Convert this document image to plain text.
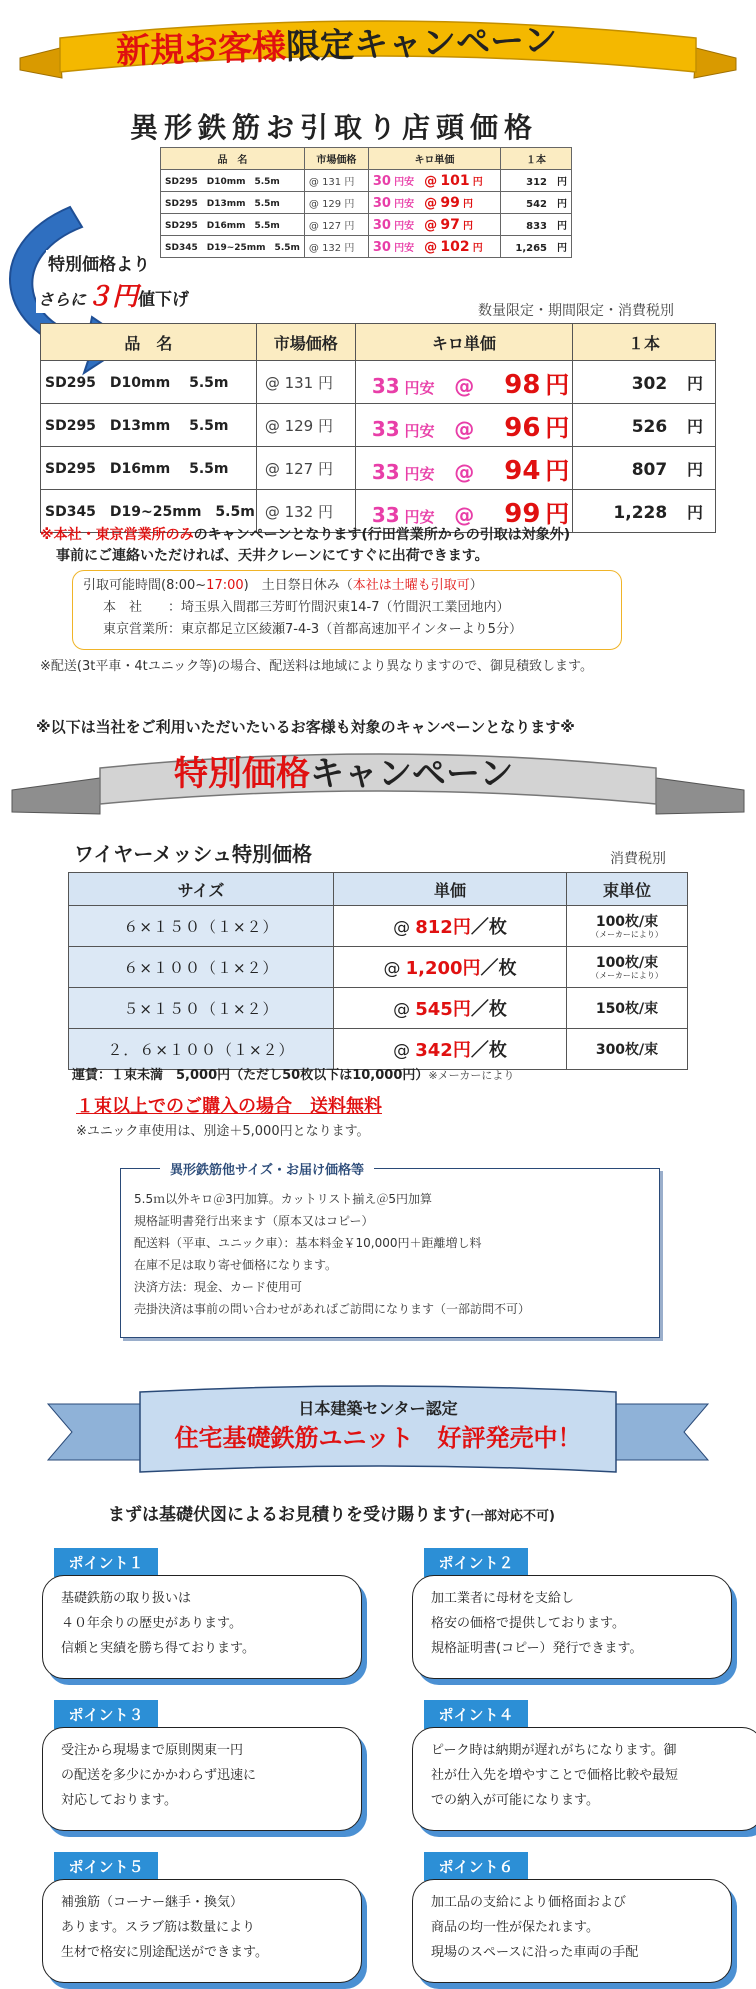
新規お客様限定キャンペーン
異形鉄筋お引取り店頭価格
品　名	市場価格	キロ単価	１本
SD295　D10mm　5.5m	@ 131 円	30 円安　 @ 101 円	312　 円
SD295　D13mm　5.5m	@ 129 円	30 円安　 @ 99 円	542　 円
SD295　D16mm　5.5m	@ 127 円	30 円安　 @ 97 円	833　 円
SD345　D19~25mm　5.5m	@ 132 円	30 円安　 @ 102 円	1,265　 円
特別価格より
さらに３円値下げ
数量限定・期間限定・消費税別
品　名	市場価格	キロ単価	１本
SD295　D10mm　 5.5m	@ 131 円	33 円安　 @　　 98 円	302　 円
SD295　D13mm　 5.5m	@ 129 円	33 円安　 @　　 96 円	526　 円
SD295　D16mm　 5.5m	@ 127 円	33 円安　 @　　 94 円	807　 円
SD345　D19~25mm　5.5m	@ 132 円	33 円安　 @　　 99 円	1,228　 円
※本社・東京営業所のみのキャンペーンとなります(行田営業所からの引取は対象外)
事前にご連絡いただければ、天井クレーンにてすぐに出荷できます。
引取可能時間(8:00~17:00)　土日祭日休み（本社は土曜も引取可）
本　社　　：埼玉県入間郡三芳町竹間沢東14-7（竹間沢工業団地内）
東京営業所：東京都足立区綾瀬7-4-3（首都高速加平インターより5分）
※配送(3t平車・4tユニック等)の場合、配送料は地域により異なりますので、御見積致します。
※以下は当社をご利用いただいたいるお客様も対象のキャンペーンとなります※
特別価格キャンペーン
ワイヤーメッシュ特別価格	消費税別
サイズ	単価	束単位
６×１５０（１×２）	@ 812円／枚	100枚/束
（メーカーにより）

６×１００（１×２）	@ 1,200円／枚	100枚/束
（メーカーにより）

５×１５０（１×２）	@ 545円／枚	150枚/束
２．６×１００（１×２）	@ 342円／枚	300枚/束
運賃：１束未満　5,000円（ただし50枚以下は10,000円）※メーカーにより
１束以上でのご購入の場合　送料無料
※ユニック車使用は、別途＋5,000円となります。
異形鉄筋他サイズ・お届け価格等
5.5ｍ以外キロ＠3円加算。カットリスト揃え＠5円加算
規格証明書発行出来ます（原本又はコピー）
配送料（平車、ユニック車）：基本料金￥10,000円＋距離増し料
在庫不足は取り寄せ価格になります。
決済方法：現金、カード使用可
売掛決済は事前の問い合わせがあればご訪問になります（一部訪問不可）
日本建築センター認定
住宅基礎鉄筋ユニット　好評発売中！
まずは基礎伏図によるお見積りを受け賜ります(一部対応不可)
ポイント１
基礎鉄筋の取り扱いは
４０年余りの歴史があります。
信頼と実績を勝ち得ております。
ポイント２
加工業者に母材を支給し
格安の価格で提供しております。
規格証明書(コピー）発行できます。
ポイント３
受注から現場まで原則関東一円
の配送を多少にかかわらず迅速に
対応しております。
ポイント４
ピーク時は納期が遅れがちになります。御
社が仕入先を増やすことで価格比較や最短
での納入が可能になります。
ポイント５
補強筋（コーナー継手・換気）
あります。スラブ筋は数量により
生材で格安に別途配送ができます。
ポイント６
加工品の支給により価格面および
商品の均一性が保たれます。
現場のスペースに沿った車両の手配
